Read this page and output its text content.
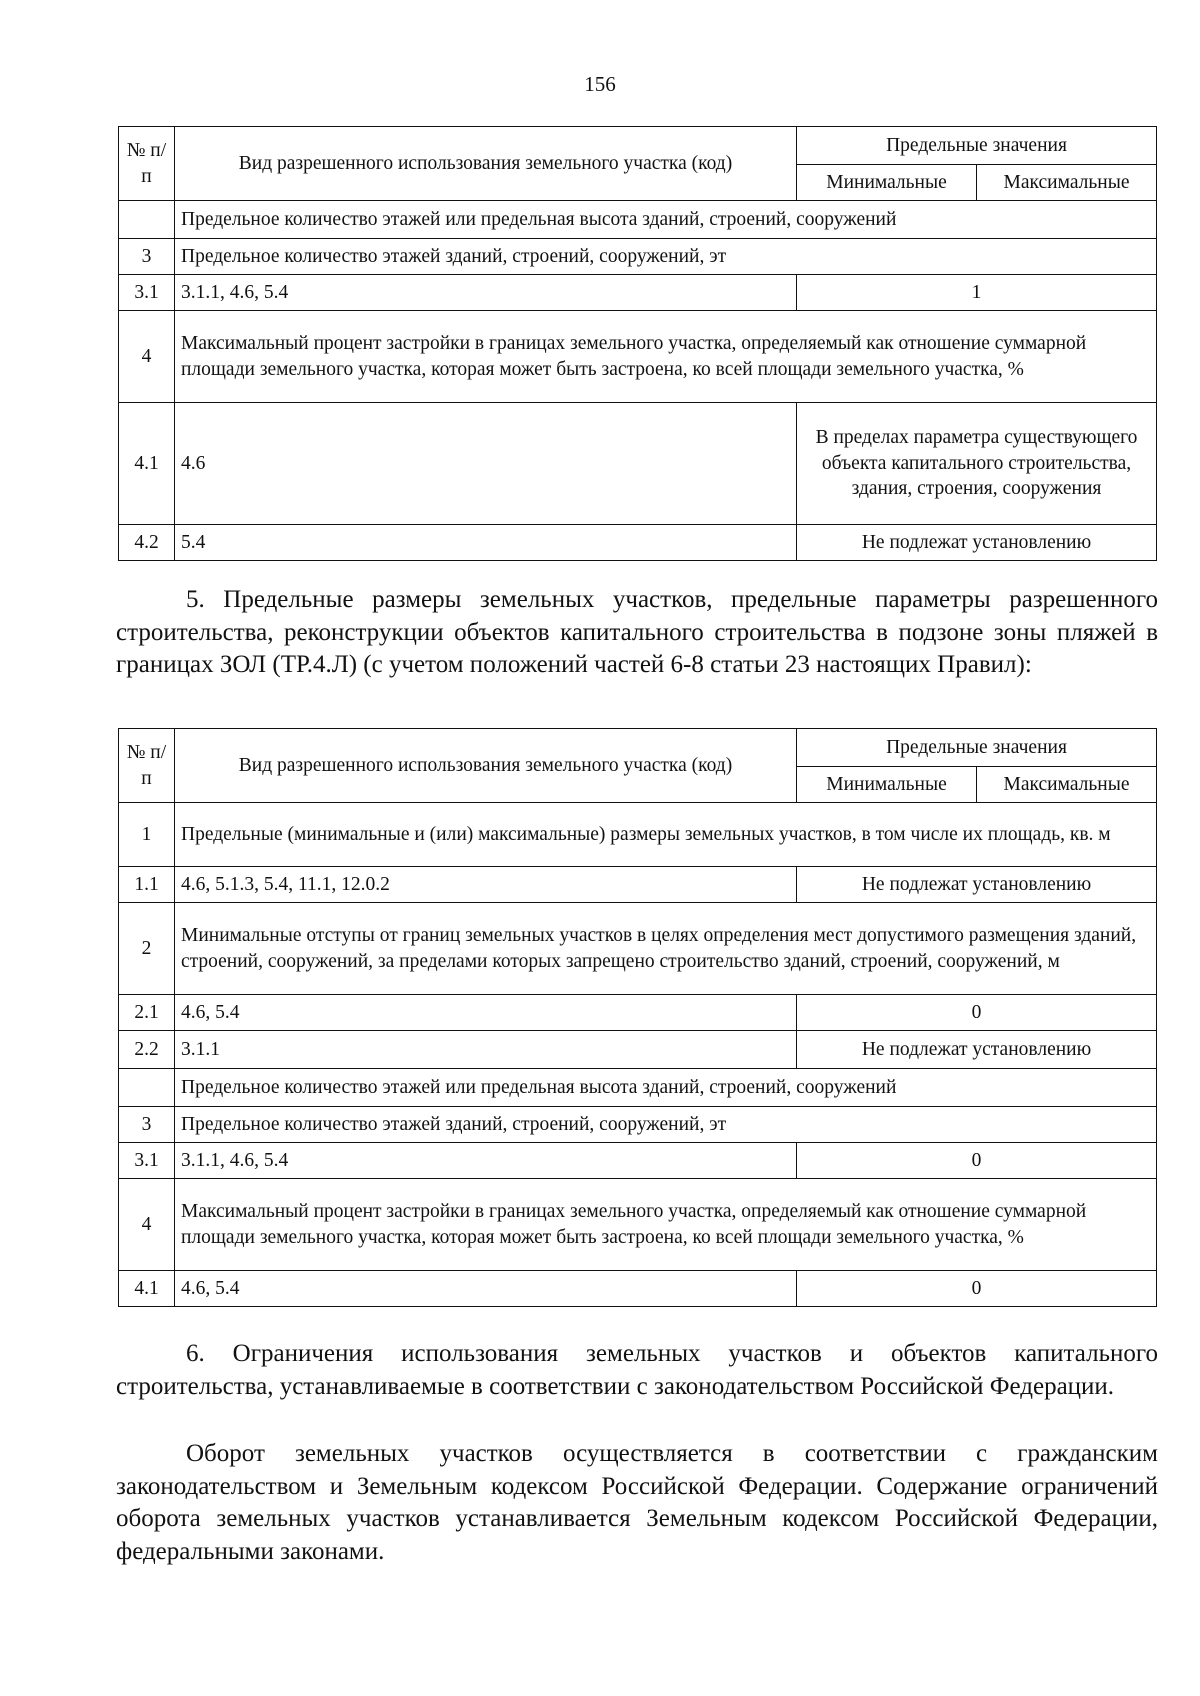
156
№ п/п	Вид разрешенного использования земельного участка (код)	Предельные значения	
		Минимальные	Максимальные
	Предельное количество этажей или предельная высота зданий, строений, сооружений		
3	Предельное количество этажей зданий, строений, сооружений, эт		
3.1	3.1.1, 4.6, 5.4	1	
4	Максимальный процент застройки в границах земельного участка, определяемый как отношение суммарной площади земельного участка, которая может быть застроена, ко всей площади земельного участка, %		
4.1	4.6	В пределах параметра существующего объекта капитального строительства, здания, строения, сооружения	
4.2	5.4	Не подлежат установлению	

5. Предельные размеры земельных участков, предельные параметры разрешенного строительства, реконструкции объектов капитального строительства в подзоне зоны пляжей в границах ЗОЛ (ТР.4.Л) (с учетом положений частей 6-8 статьи 23 настоящих Правил):

№ п/п	Вид разрешенного использования земельного участка (код)	Предельные значения	
		Минимальные	Максимальные
1	Предельные (минимальные и (или) максимальные) размеры земельных участков, в том числе их площадь, кв. м		
1.1	4.6, 5.1.3, 5.4, 11.1, 12.0.2	Не подлежат установлению	
2	Минимальные отступы от границ земельных участков в целях определения мест допустимого размещения зданий, строений, сооружений, за пределами которых запрещено строительство зданий, строений, сооружений, м		
2.1	4.6, 5.4	0	
2.2	3.1.1	Не подлежат установлению	
	Предельное количество этажей или предельная высота зданий, строений, сооружений		
3	Предельное количество этажей зданий, строений, сооружений, эт		
3.1	3.1.1, 4.6, 5.4	0	
4	Максимальный процент застройки в границах земельного участка, определяемый как отношение суммарной площади земельного участка, которая может быть застроена, ко всей площади земельного участка, %		
4.1	4.6, 5.4	0	

6. Ограничения использования земельных участков и объектов капитального строительства, устанавливаемые в соответствии с законодательством Российской Федерации.

Оборот земельных участков осуществляется в соответствии с гражданским законодательством и Земельным кодексом Российской Федерации. Содержание ограничений оборота земельных участков устанавливается Земельным кодексом Российской Федерации, федеральными законами.
